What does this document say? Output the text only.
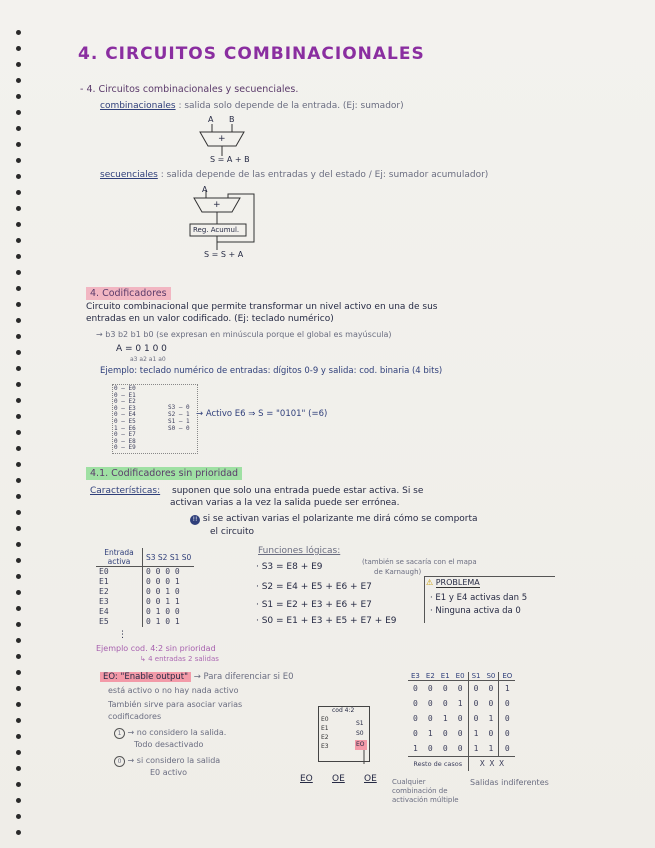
4. CIRCUITOS COMBINACIONALES
- 4. Circuitos combinacionales y secuenciales.
combinacionales : salida solo depende de la entrada. (Ej: sumador)
A B
+
S = A + B
secuenciales : salida depende de las entradas y del estado / Ej: sumador acumulador)
A
+
Reg. Acumul.
S = S + A
4. Codificadores
Circuito combinacional que permite transformar un nivel activo en una de sus
entradas en un valor codificado. (Ej: teclado numérico)
→ b3 b2 b1 b0 (se expresan en minúscula porque el global es mayúscula)
A = 0 1 0 0
a3 a2 a1 a0
Ejemplo: teclado numérico de entradas: dígitos 0-9 y salida: cod. binaria (4 bits)
0 — E0
0 — E1
0 — E2
0 — E3
0 — E4
0 — E5
1 — E6
0 — E7
0 — E8
0 — E9
S3 — 0
S2 — 1
S1 — 1
S0 — 0
→ Activo E6 ⇒ S = "0101" (=6)
4.1. Codificadores sin prioridad
Características: suponen que solo una entrada puede estar activa. Si se
activan varias a la vez la salida puede ser errónea.
!! si se activan varias el polarizante me dirá cómo se comporta
el circuito
Entrada activa	S3 S2 S1 S0
E0	0 0 0 0
E1	0 0 0 1
E2	0 0 1 0
E3	0 0 1 1
E4	0 1 0 0
E5	0 1 0 1
⋮
Funciones lógicas:
· S3 = E8 + E9	(también se sacaría con el mapa
de Karnaugh)
· S2 = E4 + E5 + E6 + E7
· S1 = E2 + E3 + E6 + E7
· S0 = E1 + E3 + E5 + E7 + E9
⚠ PROBLEMA
· E1 y E4 activas dan 5
· Ninguna activa da 0
Ejemplo cod. 4:2 sin prioridad
↳ 4 entradas 2 salidas
EO: "Enable output" → Para diferenciar si E0
está activo o no hay nada activo
También sirve para asociar varias
codificadores
1 → no considero la salida.
Todo desactivado
0 → si considero la salida
E0 activo
cod 4:2
E0
E1
E2
E3
S1
S0
EO
EO OE OE
E3	E2	E1	E0	S1	S0	EO
0	0	0	0	0	0	1
0	0	0	1	0	0	0
0	0	1	0	0	1	0
0	1	0	0	1	0	0
1	0	0	0	1	1	0
Resto de casos				X X X		
Cualquier combinación de activación múltiple
Salidas indiferentes
